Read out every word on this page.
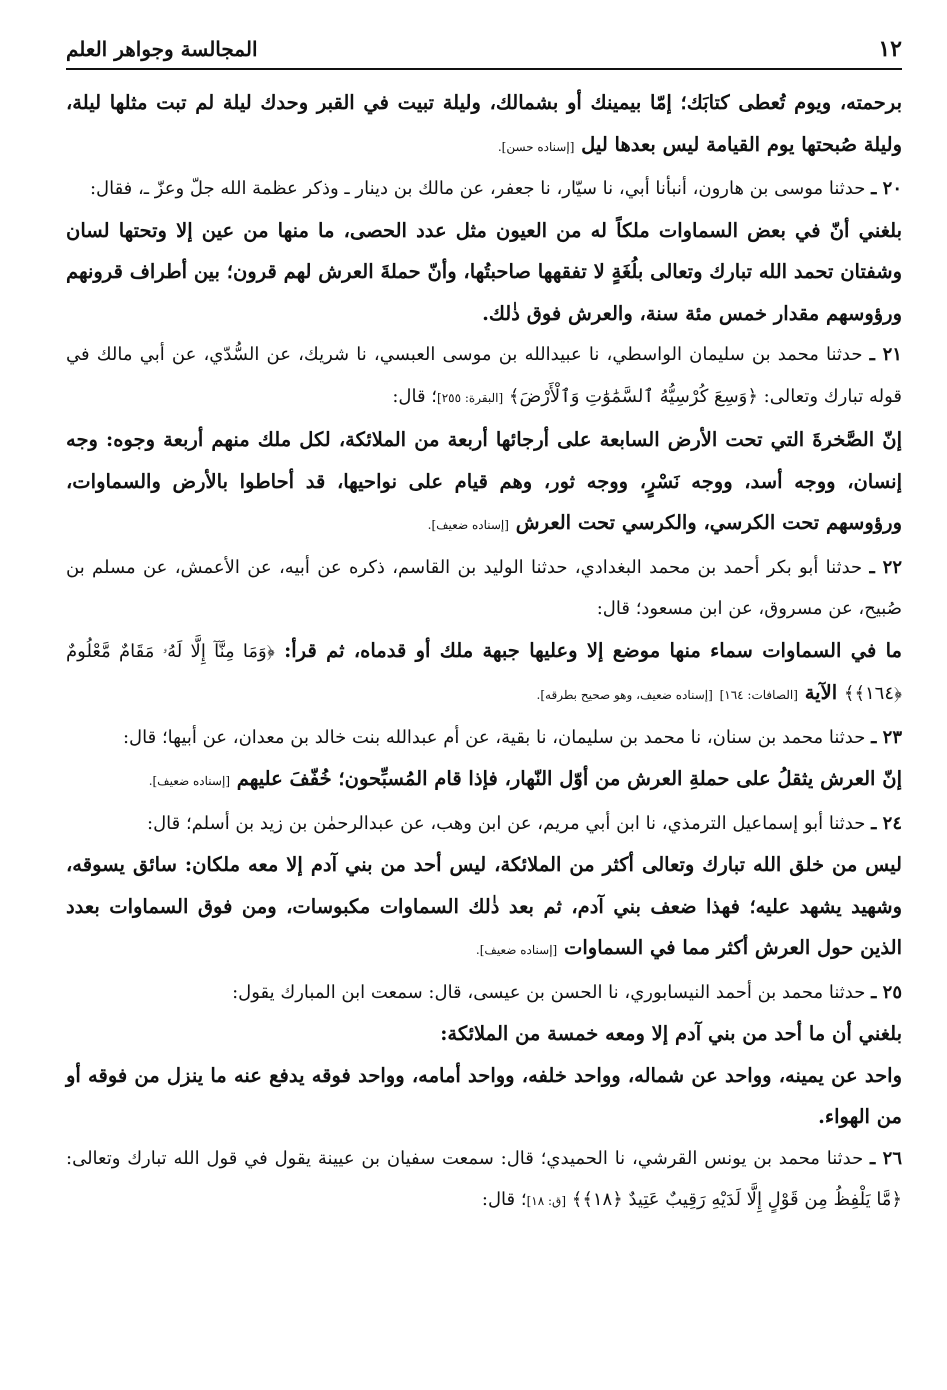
١٢
المجالسة وجواهر العلم

برحمته، ويوم تُعطى كتابَك؛ إمّا بيمينك أو بشمالك، وليلة تبيت في القبر وحدك ليلة لم تبت مثلها ليلة، وليلة صُبحتها يوم القيامة ليس بعدها ليل [إسناده حسن].

٢٠ ـ حدثنا موسى بن هارون، أنبأنا أبي، نا سيّار، نا جعفر، عن مالك بن دينار ـ وذكر عظمة الله جلّ وعزّ ـ، فقال:

بلغني أنّ في بعض السماوات ملكاً له من العيون مثل عدد الحصى، ما منها من عين إلا وتحتها لسان وشفتان تحمد الله تبارك وتعالى بلُغَةٍ لا تفقهها صاحبتُها، وأنّ حملةَ العرش لهم قرون؛ بين أطراف قرونهم ورؤوسهم مقدار خمس مئة سنة، والعرش فوق ذٰلك.

٢١ ـ حدثنا محمد بن سليمان الواسطي، نا عبيدالله بن موسى العبسي، نا شريك، عن السُّدّي، عن أبي مالك في قوله تبارك وتعالى: ﴿وَسِعَ كُرْسِيُّهُ ٱلسَّمَٰوَٰتِ وَٱلْأَرْضَ﴾ [البقرة: ٢٥٥]؛ قال:

إنّ الصَّخرةَ التي تحت الأرض السابعة على أرجائها أربعة من الملائكة، لكل ملك منهم أربعة وجوه: وجه إنسان، ووجه أسد، ووجه نَسْرٍ، ووجه ثور، وهم قيام على نواحيها، قد أحاطوا بالأرض والسماوات، ورؤوسهم تحت الكرسي، والكرسي تحت العرش [إسناده ضعيف].

٢٢ ـ حدثنا أبو بكر أحمد بن محمد البغدادي، حدثنا الوليد بن القاسم، ذكره عن أبيه، عن الأعمش، عن مسلم بن صُبيح، عن مسروق، عن ابن مسعود؛ قال:

ما في السماوات سماء منها موضع إلا وعليها جبهة ملك أو قدماه، ثم قرأ: ﴿وَمَا مِنَّآ إِلَّا لَهُۥ مَقَامٌ مَّعْلُومٌ ﴿١٦٤﴾﴾ الآية [الصافات: ١٦٤] [إسناده ضعيف، وهو صحيح بطرقه].

٢٣ ـ حدثنا محمد بن سنان، نا محمد بن سليمان، نا بقية، عن أم عبدالله بنت خالد بن معدان، عن أبيها؛ قال:

إنّ العرش يثقلُ على حملةِ العرش من أوّل النّهار، فإذا قام المُسبِّحون؛ خُفّفَ عليهم [إسناده ضعيف].

٢٤ ـ حدثنا أبو إسماعيل الترمذي، نا ابن أبي مريم، عن ابن وهب، عن عبدالرحمٰن بن زيد بن أسلم؛ قال:

ليس من خلق الله تبارك وتعالى أكثر من الملائكة، ليس أحد من بني آدم إلا معه ملكان: سائق يسوقه، وشهيد يشهد عليه؛ فهذا ضعف بني آدم، ثم بعد ذٰلك السماوات مكبوسات، ومن فوق السماوات بعدد الذين حول العرش أكثر مما في السماوات [إسناده ضعيف].

٢٥ ـ حدثنا محمد بن أحمد النيسابوري، نا الحسن بن عيسى، قال: سمعت ابن المبارك يقول:

بلغني أن ما أحد من بني آدم إلا ومعه خمسة من الملائكة:

واحد عن يمينه، وواحد عن شماله، وواحد خلفه، وواحد أمامه، وواحد فوقه يدفع عنه ما ينزل من فوقه أو من الهواء.

٢٦ ـ حدثنا محمد بن يونس القرشي، نا الحميدي؛ قال: سمعت سفيان بن عيينة يقول في قول الله تبارك وتعالى: ﴿مَّا يَلْفِظُ مِن قَوْلٍ إِلَّا لَدَيْهِ رَقِيبٌ عَتِيدٌ ﴿١٨﴾﴾ [ق: ١٨]؛ قال:
